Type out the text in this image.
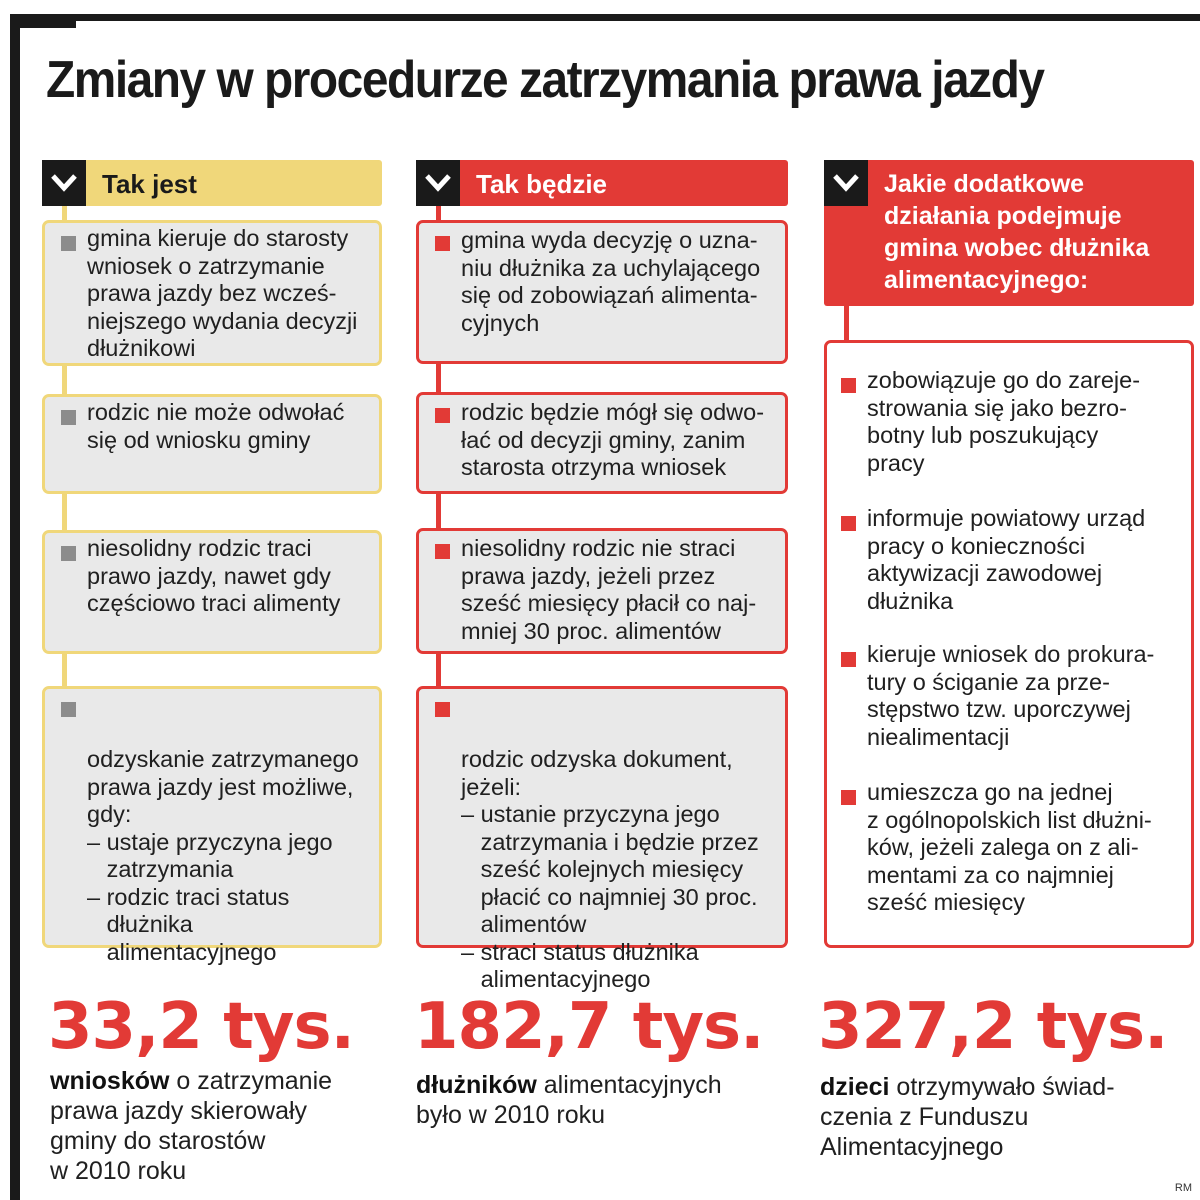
Zmiany w procedurze zatrzymania prawa jazdy
Tak jest
gmina kieruje do starosty
wniosek o zatrzymanie
prawa jazdy bez wcześ-
niejszego wydania decyzji
dłużnikowi
rodzic nie może odwołać
się od wniosku gminy
niesolidny rodzic traci
prawo jazdy, nawet gdy
częściowo traci alimenty

odzyskanie zatrzymanego
prawa jazdy jest możliwe,
gdy:
– ustaje przyczyna jego
zatrzymania
– rodzic traci status
dłużnika
alimentacyjnego

Tak będzie
gmina wyda decyzję o uzna-
niu dłużnika za uchylającego
się od zobowiązań alimenta-
cyjnych
rodzic będzie mógł się odwo-
łać od decyzji gminy, zanim
starosta otrzyma wniosek
niesolidny rodzic nie straci
prawa jazdy, jeżeli przez
sześć miesięcy płacił co naj-
mniej 30 proc. alimentów

rodzic odzyska dokument,
jeżeli:
– ustanie przyczyna jego
zatrzymania i będzie przez
sześć kolejnych miesięcy
płacić co najmniej 30 proc.
alimentów
– straci status dłużnika
alimentacyjnego

Jakie dodatkowe
działania podejmuje
gmina wobec dłużnika
alimentacyjnego:
zobowiązuje go do zareje-
strowania się jako bezro-
botny lub poszukujący
pracy
informuje powiatowy urząd
pracy o konieczności
aktywizacji zawodowej
dłużnika
kieruje wniosek do prokura-
tury o ściganie za prze-
stępstwo tzw. uporczywej
niealimentacji
umieszcza go na jednej
z ogólnopolskich list dłużni-
ków, jeżeli zalega on z ali-
mentami za co najmniej
sześć miesięcy
33,2 tys.
wniosków o zatrzymanie
prawa jazdy skierowały
gminy do starostów
w 2010 roku
182,7 tys.
dłużników alimentacyjnych
było w 2010 roku
327,2 tys.
dzieci otrzymywało świad-
czenia z Funduszu
Alimentacyjnego
RM
